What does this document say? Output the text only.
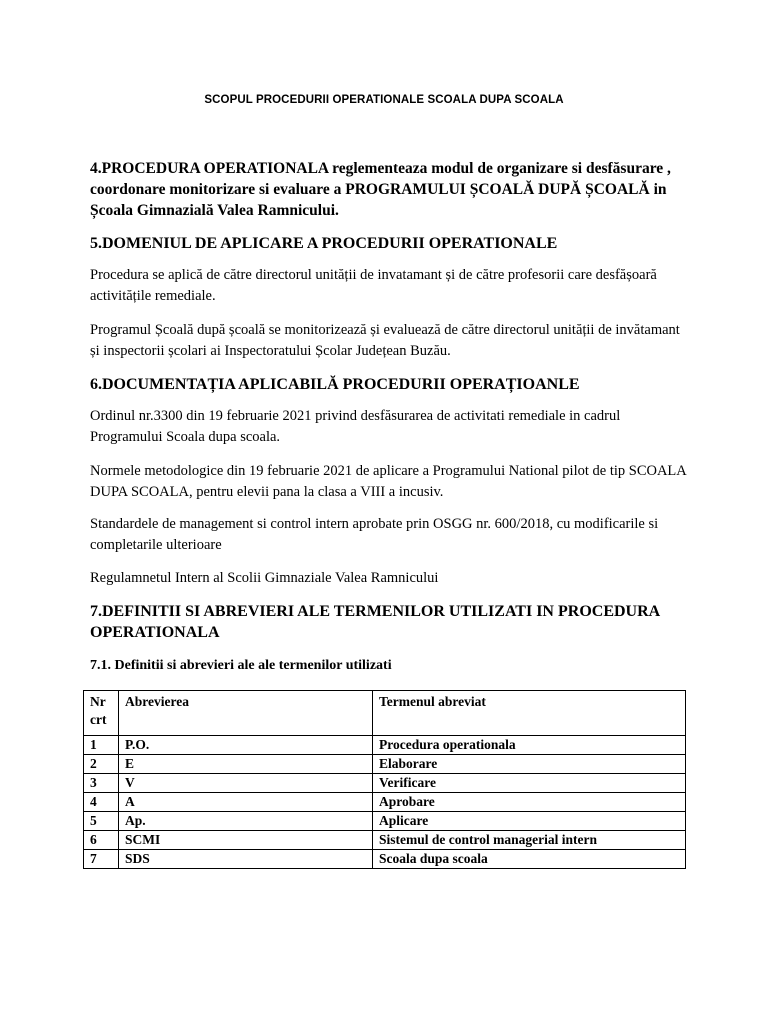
SCOPUL PROCEDURII OPERATIONALE SCOALA DUPA SCOALA
4.PROCEDURA OPERATIONALA reglementeaza modul de organizare si desfăsurare , coordonare monitorizare si evaluare a PROGRAMULUI ȘCOALĂ DUPĂ ȘCOALĂ in Școala Gimnazială Valea Ramnicului.
5.DOMENIUL DE APLICARE A PROCEDURII OPERATIONALE
Procedura se aplică de către directorul unității de invatamant și de către profesorii care desfășoară activitățile remediale.
Programul Școală după școală se monitorizează și evaluează de către directorul unității de invătamant și inspectorii școlari ai Inspectoratului Școlar Județean Buzău.
6.DOCUMENTAȚIA APLICABILĂ PROCEDURII OPERAȚIOANLE
Ordinul nr.3300 din 19 februarie 2021 privind desfăsurarea de activitati remediale in cadrul Programului Scoala dupa scoala.
Normele metodologice din 19 februarie 2021 de aplicare a Programului National pilot de tip SCOALA DUPA SCOALA, pentru elevii pana la clasa a VIII a incusiv.
Standardele de management si control intern aprobate prin OSGG nr. 600/2018, cu modificarile si completarile ulterioare
Regulamnetul Intern al Scolii Gimnaziale Valea Ramnicului
7.DEFINITII SI ABREVIERI ALE TERMENILOR UTILIZATI IN PROCEDURA OPERATIONALA
7.1. Definitii si abrevieri ale ale termenilor utilizati
Nr crt	Abrevierea	Termenul abreviat
1	P.O.	Procedura operationala
2	E	Elaborare
3	V	Verificare
4	A	Aprobare
5	Ap.	Aplicare
6	SCMI	Sistemul de control managerial intern
7	SDS	Scoala dupa scoala
